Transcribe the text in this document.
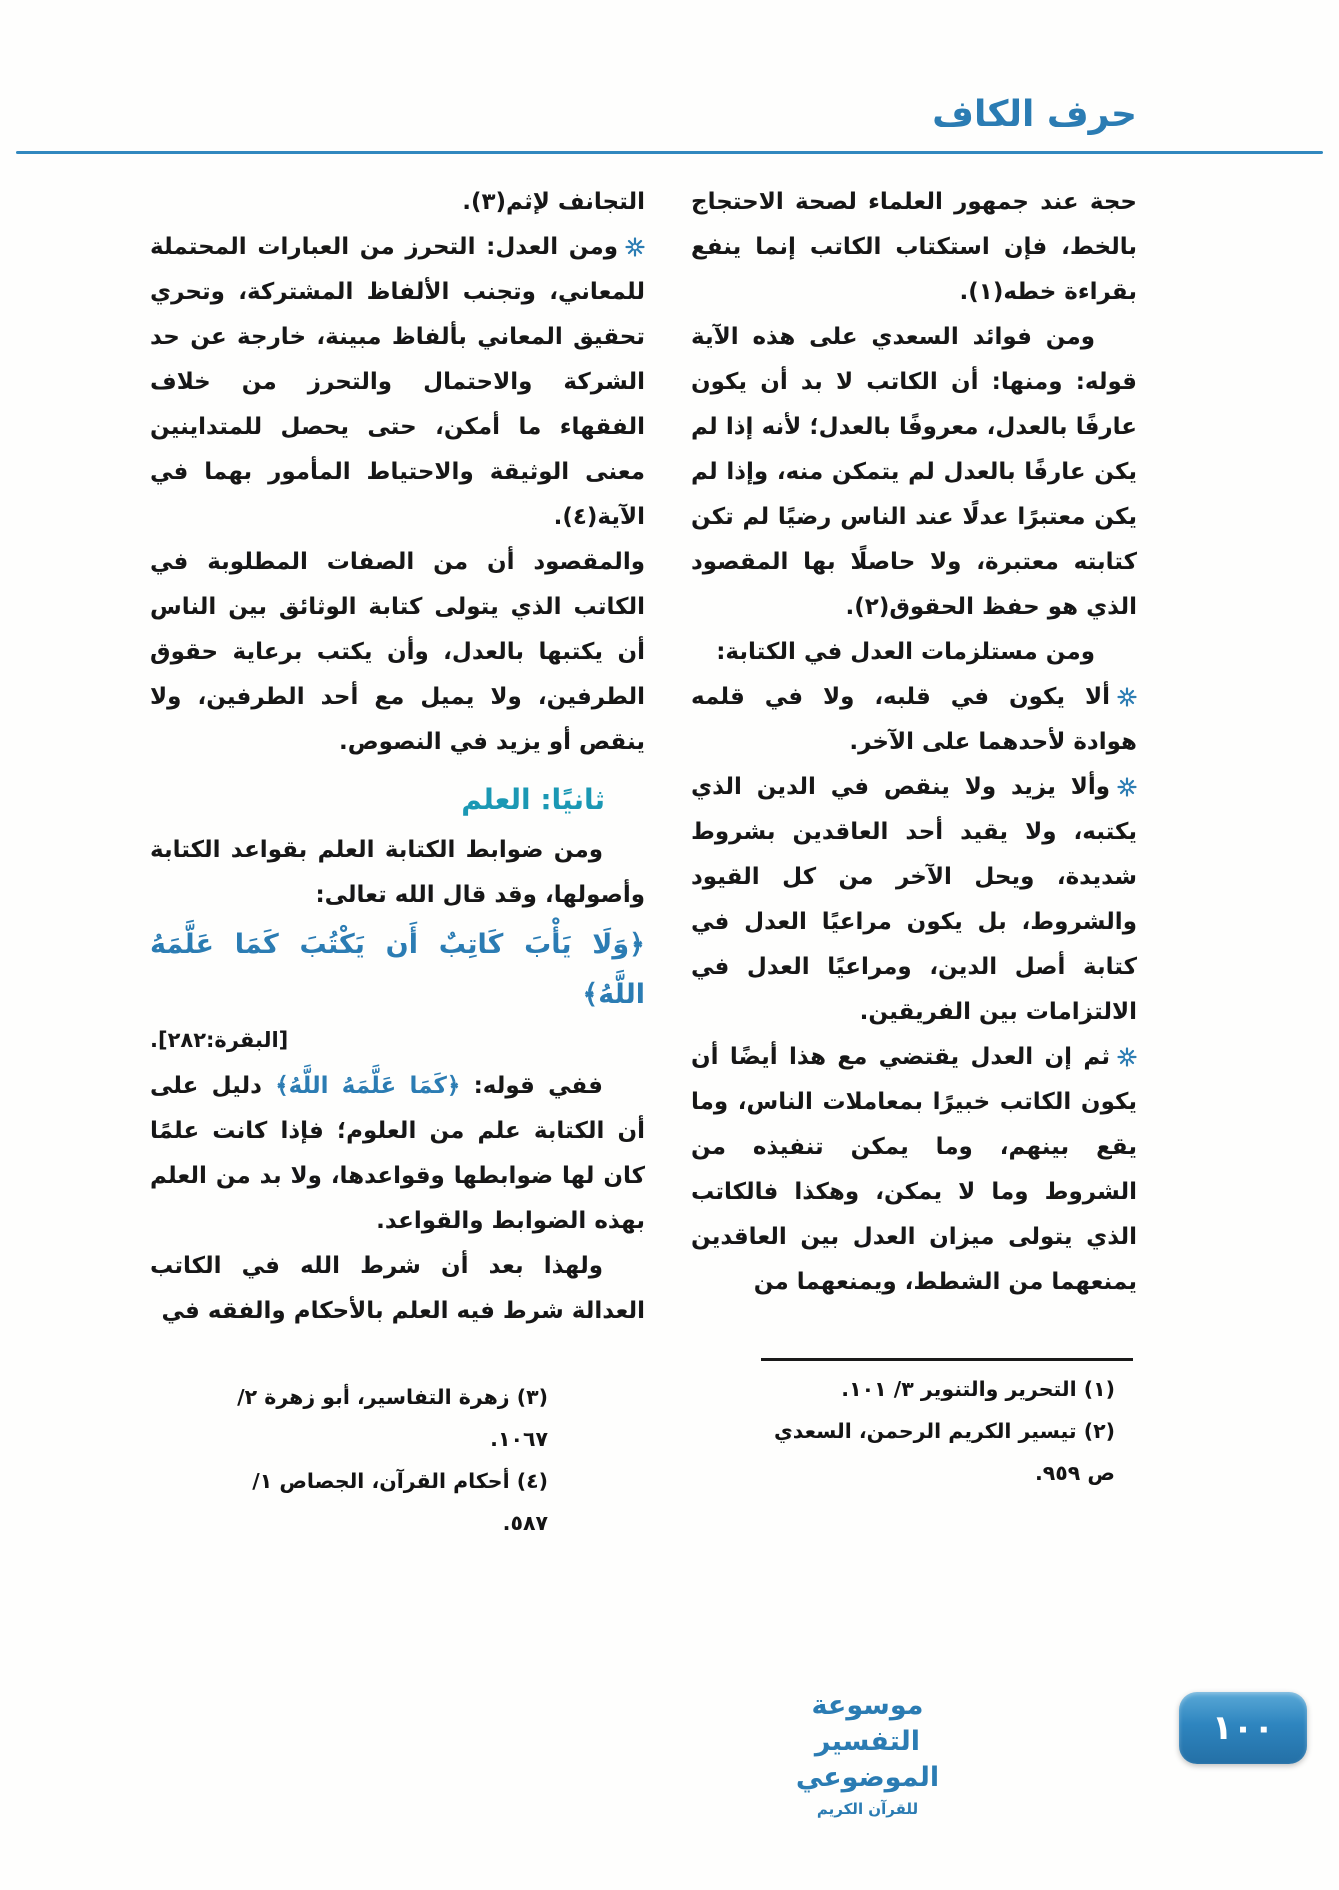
حرف الكاف

حجة عند جمهور العلماء لصحة الاحتجاج بالخط، فإن استكتاب الكاتب إنما ينفع بقراءة خطه(١).

ومن فوائد السعدي على هذه الآية قوله: ومنها: أن الكاتب لا بد أن يكون عارفًا بالعدل، معروفًا بالعدل؛ لأنه إذا لم يكن عارفًا بالعدل لم يتمكن منه، وإذا لم يكن معتبرًا عدلًا عند الناس رضيًا لم تكن كتابته معتبرة، ولا حاصلًا بها المقصود الذي هو حفظ الحقوق(٢).

ومن مستلزمات العدل في الكتابة:

ألا يكون في قلبه، ولا في قلمه هوادة لأحدهما على الآخر.

وألا يزيد ولا ينقص في الدين الذي يكتبه، ولا يقيد أحد العاقدين بشروط شديدة، ويحل الآخر من كل القيود والشروط، بل يكون مراعيًا العدل في كتابة أصل الدين، ومراعيًا العدل في الالتزامات بين الفريقين.

ثم إن العدل يقتضي مع هذا أيضًا أن يكون الكاتب خبيرًا بمعاملات الناس، وما يقع بينهم، وما يمكن تنفيذه من الشروط وما لا يمكن، وهكذا فالكاتب الذي يتولى ميزان العدل بين العاقدين يمنعهما من الشطط، ويمنعهما من

التجانف لإثم(٣).

ومن العدل: التحرز من العبارات المحتملة للمعاني، وتجنب الألفاظ المشتركة، وتحري تحقيق المعاني بألفاظ مبينة، خارجة عن حد الشركة والاحتمال والتحرز من خلاف الفقهاء ما أمكن، حتى يحصل للمتداينين معنى الوثيقة والاحتياط المأمور بهما في الآية(٤).

والمقصود أن من الصفات المطلوبة في الكاتب الذي يتولى كتابة الوثائق بين الناس أن يكتبها بالعدل، وأن يكتب برعاية حقوق الطرفين، ولا يميل مع أحد الطرفين، ولا ينقص أو يزيد في النصوص.

ثانيًا: العلم

ومن ضوابط الكتابة العلم بقواعد الكتابة وأصولها، وقد قال الله تعالى:

﴿وَلَا يَأْبَ كَاتِبٌ أَن يَكْتُبَ كَمَا عَلَّمَهُ اللَّهُ﴾
[البقرة:٢٨٢].

ففي قوله: ﴿كَمَا عَلَّمَهُ اللَّهُ﴾ دليل على أن الكتابة علم من العلوم؛ فإذا كانت علمًا كان لها ضوابطها وقواعدها، ولا بد من العلم بهذه الضوابط والقواعد.

ولهذا بعد أن شرط الله في الكاتب العدالة شرط فيه العلم بالأحكام والفقه في

(١) التحرير والتنوير ٣/ ١٠١.
(٢) تيسير الكريم الرحمن، السعدي ص ٩٥٩.
(٣) زهرة التفاسير، أبو زهرة ٢/ ١٠٦٧.
(٤) أحكام القرآن، الجصاص ١/ ٥٨٧.
موسوعة التفسير الموضوعي
للقرآن الكريم
١٠٠
